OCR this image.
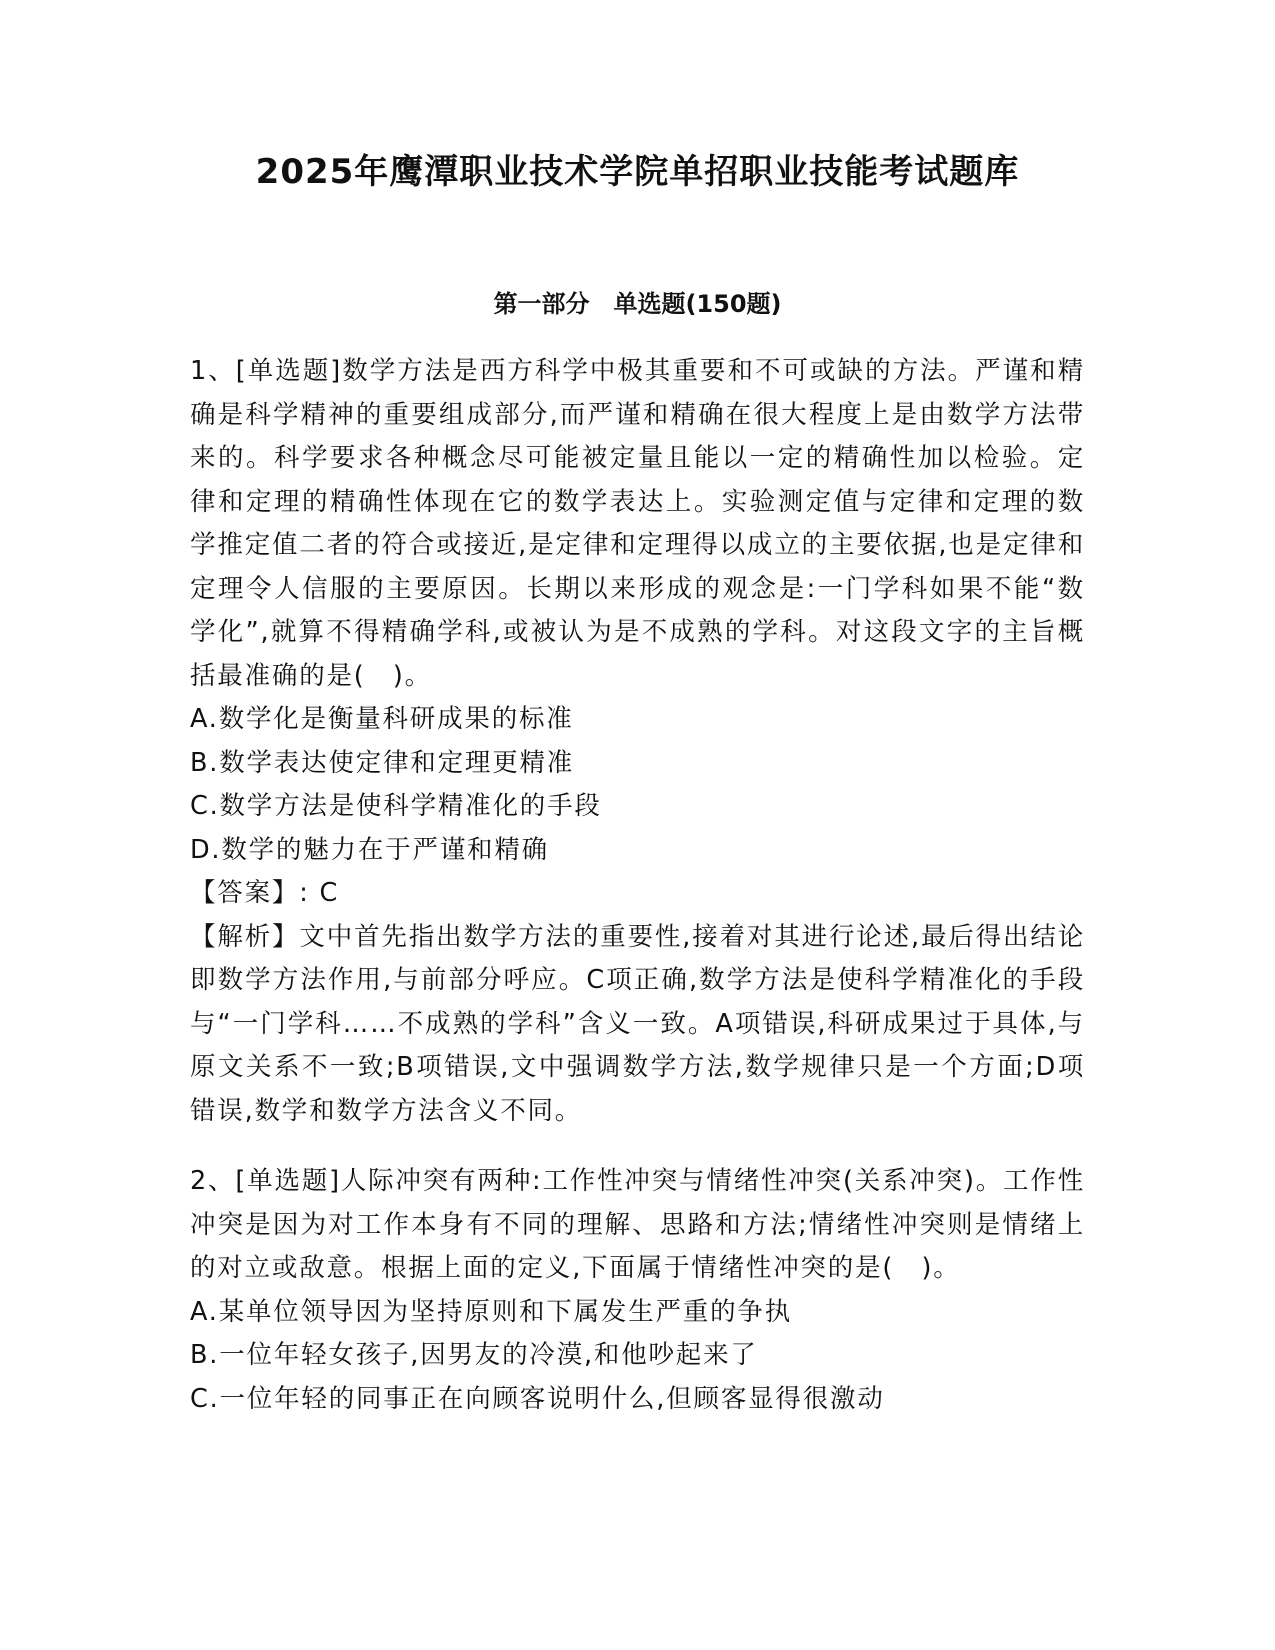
2025年鹰潭职业技术学院单招职业技能考试题库
第一部分　单选题(150题)

1、[单选题]数学方法是西方科学中极其重要和不可或缺的方法。严谨和精确是科学精神的重要组成部分,而严谨和精确在很大程度上是由数学方法带来的。科学要求各种概念尽可能被定量且能以一定的精确性加以检验。定律和定理的精确性体现在它的数学表达上。实验测定值与定律和定理的数学推定值二者的符合或接近,是定律和定理得以成立的主要依据,也是定律和定理令人信服的主要原因。长期以来形成的观念是:一门学科如果不能“数学化”,就算不得精确学科,或被认为是不成熟的学科。对这段文字的主旨概括最准确的是(　)。

A.数学化是衡量科研成果的标准

B.数学表达使定律和定理更精准

C.数学方法是使科学精准化的手段

D.数学的魅力在于严谨和精确

【答案】: C

【解析】文中首先指出数学方法的重要性,接着对其进行论述,最后得出结论即数学方法作用,与前部分呼应。C项正确,数学方法是使科学精准化的手段与“一门学科……不成熟的学科”含义一致。A项错误,科研成果过于具体,与原文关系不一致;B项错误,文中强调数学方法,数学规律只是一个方面;D项错误,数学和数学方法含义不同。

2、[单选题]人际冲突有两种:工作性冲突与情绪性冲突(关系冲突)。工作性冲突是因为对工作本身有不同的理解、思路和方法;情绪性冲突则是情绪上的对立或敌意。根据上面的定义,下面属于情绪性冲突的是(　)。

A.某单位领导因为坚持原则和下属发生严重的争执

B.一位年轻女孩子,因男友的冷漠,和他吵起来了

C.一位年轻的同事正在向顾客说明什么,但顾客显得很激动
